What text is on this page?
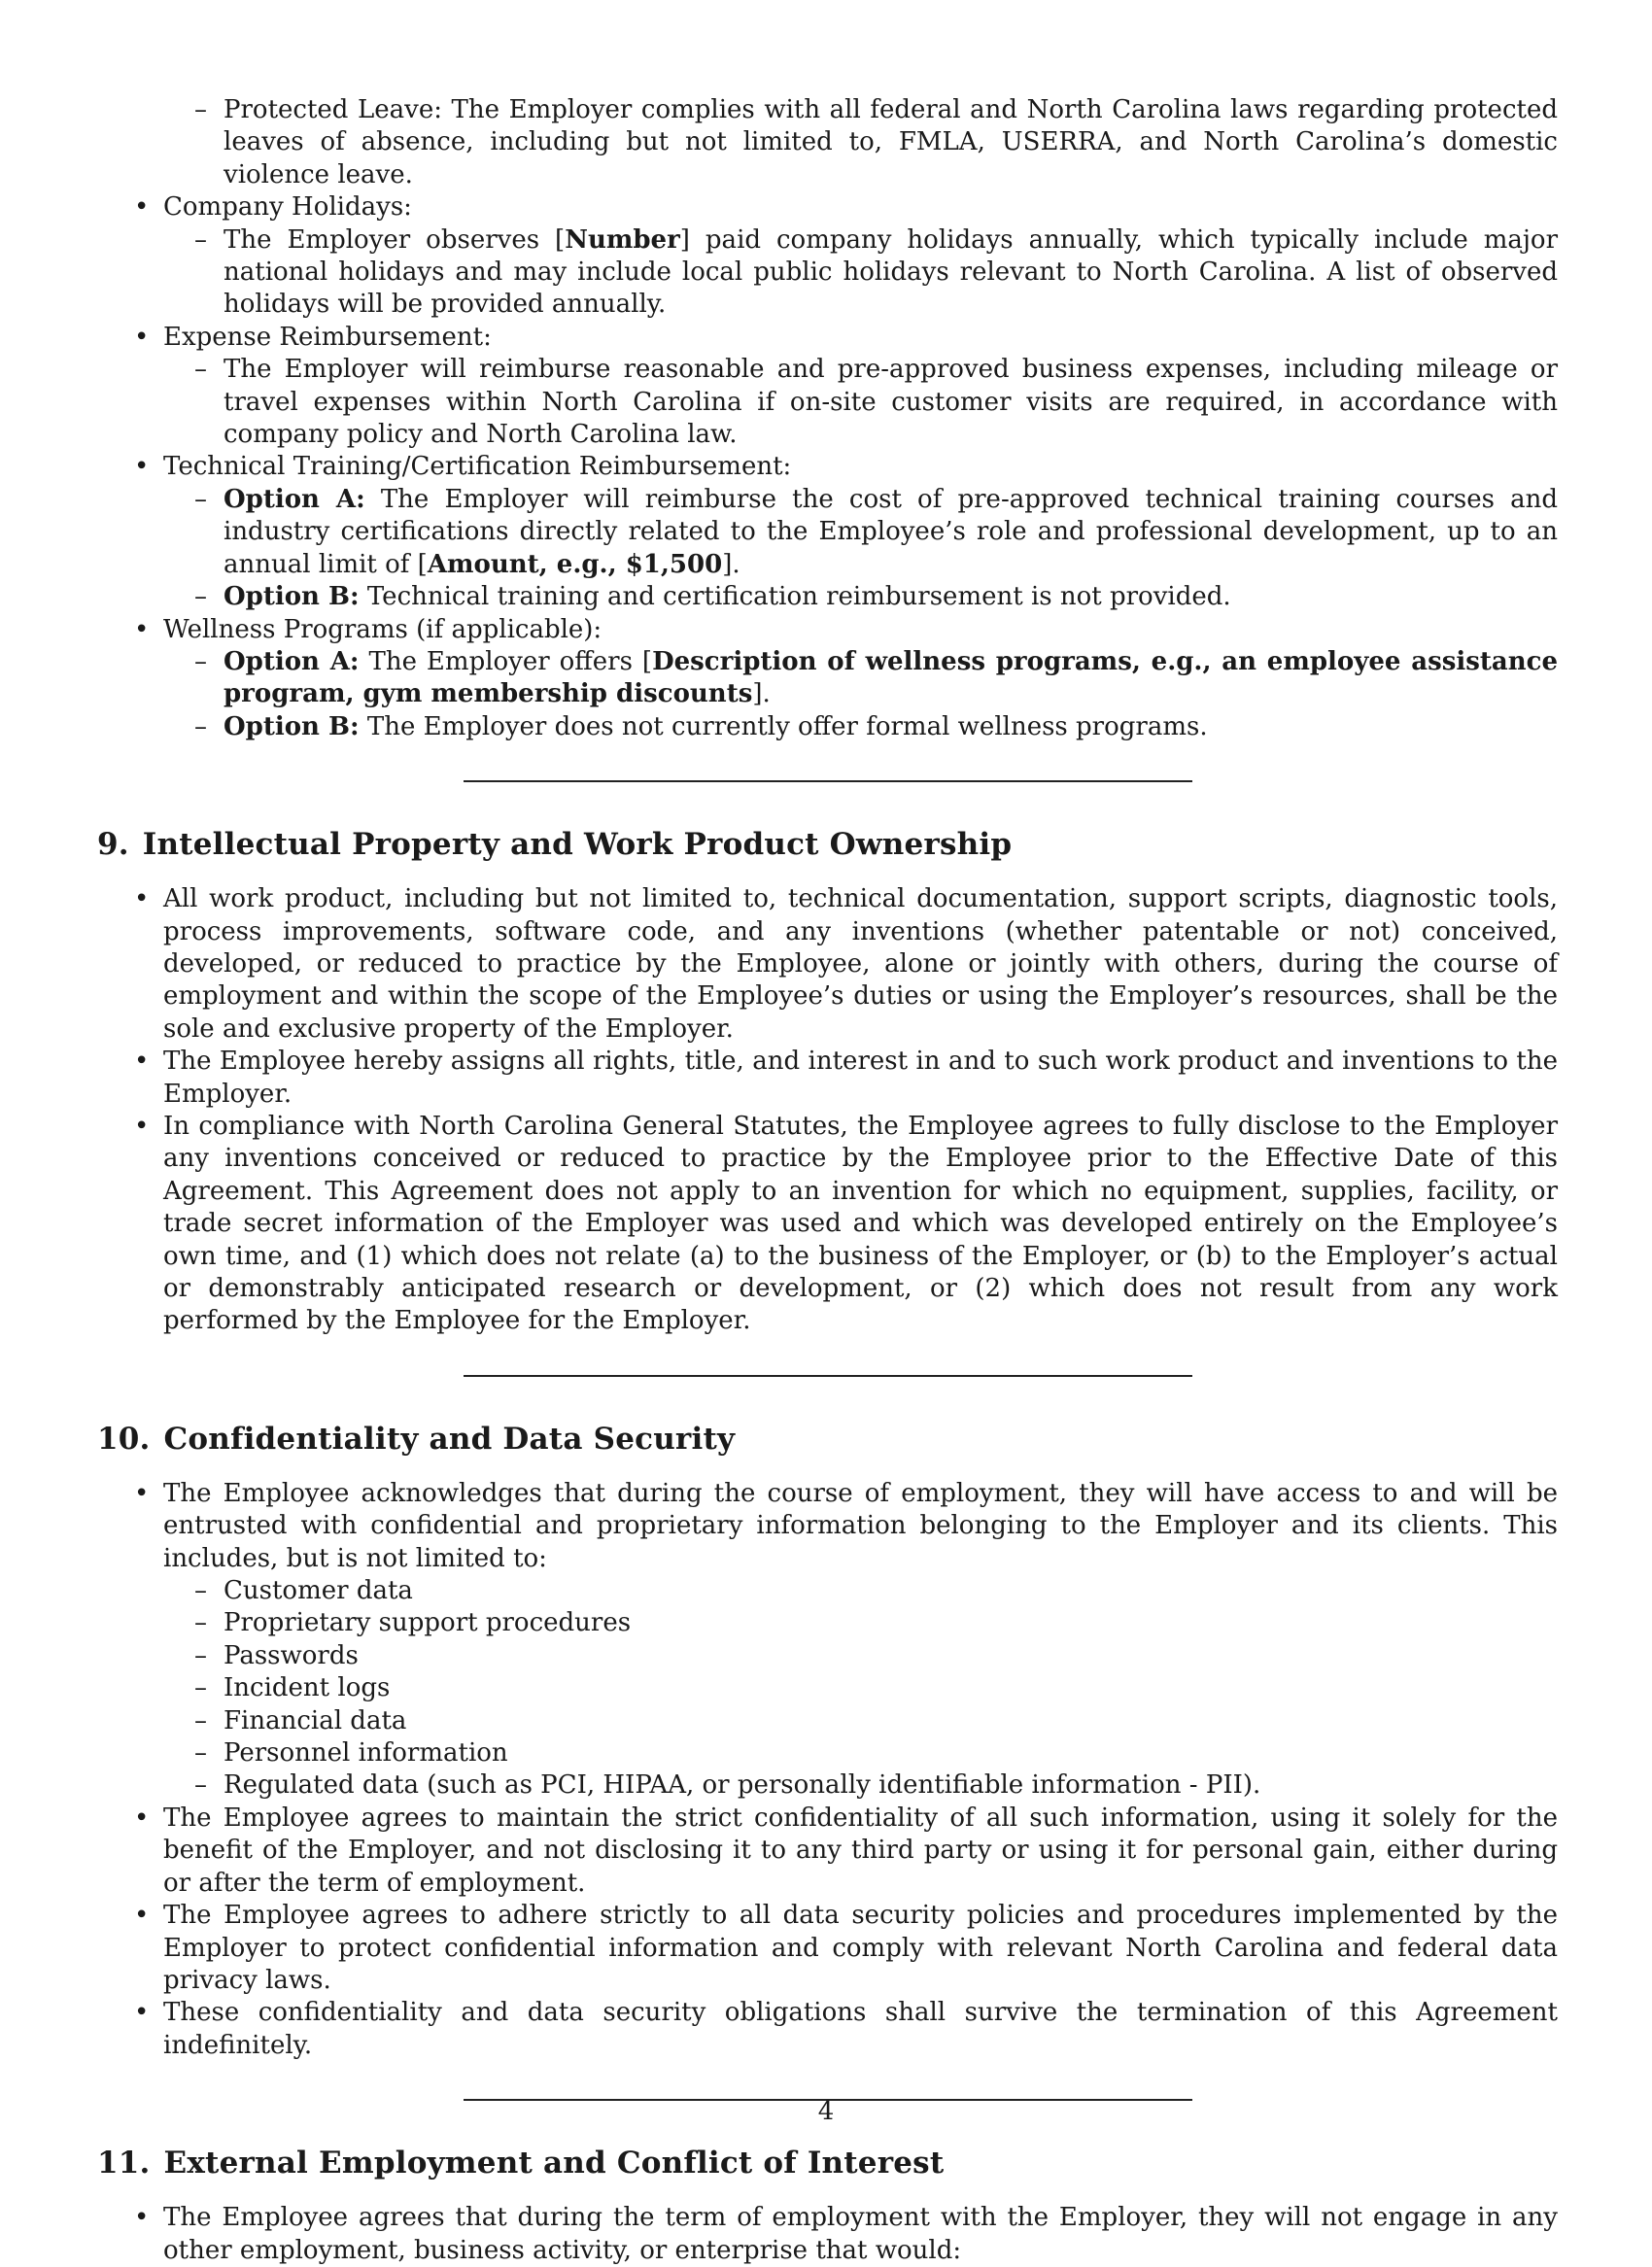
– Protected Leave: The Employer complies with all federal and North Carolina laws regarding protected leaves of absence, including but not limited to, FMLA, USERRA, and North Carolina’s domestic violence leave.
• Company Holidays:
– The Employer observes [Number] paid company holidays annually, which typically include major national holidays and may include local public holidays relevant to North Carolina. A list of observed holidays will be provided annually.
• Expense Reimbursement:
– The Employer will reimburse reasonable and pre-approved business expenses, including mileage or travel expenses within North Carolina if on-site customer visits are required, in accordance with company policy and North Carolina law.
• Technical Training/Certification Reimbursement:
– Option A: The Employer will reimburse the cost of pre-approved technical training courses and industry certifications directly related to the Employee’s role and professional development, up to an annual limit of [Amount, e.g., $1,500].
– Option B: Technical training and certification reimbursement is not provided.
• Wellness Programs (if applicable):
– Option A: The Employer offers [Description of wellness programs, e.g., an employee assistance program, gym membership discounts].
– Option B: The Employer does not currently offer formal wellness programs.
9. Intellectual Property and Work Product Ownership
• All work product, including but not limited to, technical documentation, support scripts, diagnostic tools, process improvements, software code, and any inventions (whether patentable or not) conceived, developed, or reduced to practice by the Employee, alone or jointly with others, during the course of employment and within the scope of the Employee’s duties or using the Employer’s resources, shall be the sole and exclusive property of the Employer.
• The Employee hereby assigns all rights, title, and interest in and to such work product and inventions to the Employer.
• In compliance with North Carolina General Statutes, the Employee agrees to fully disclose to the Employer any inventions conceived or reduced to practice by the Employee prior to the Effective Date of this Agreement. This Agreement does not apply to an invention for which no equipment, supplies, facility, or trade secret information of the Employer was used and which was developed entirely on the Employee’s own time, and (1) which does not relate (a) to the business of the Employer, or (b) to the Employer’s actual or demonstrably anticipated research or development, or (2) which does not result from any work performed by the Employee for the Employer.
10. Confidentiality and Data Security
• The Employee acknowledges that during the course of employment, they will have access to and will be entrusted with confidential and proprietary information belonging to the Employer and its clients. This includes, but is not limited to:
– Customer data
– Proprietary support procedures
– Passwords
– Incident logs
– Financial data
– Personnel information
– Regulated data (such as PCI, HIPAA, or personally identifiable information - PII).
• The Employee agrees to maintain the strict confidentiality of all such information, using it solely for the benefit of the Employer, and not disclosing it to any third party or using it for personal gain, either during or after the term of employment.
• The Employee agrees to adhere strictly to all data security policies and procedures implemented by the Employer to protect confidential information and comply with relevant North Carolina and federal data privacy laws.
• These confidentiality and data security obligations shall survive the termination of this Agreement indefinitely.
11. External Employment and Conflict of Interest
• The Employee agrees that during the term of employment with the Employer, they will not engage in any other employment, business activity, or enterprise that would:
4
